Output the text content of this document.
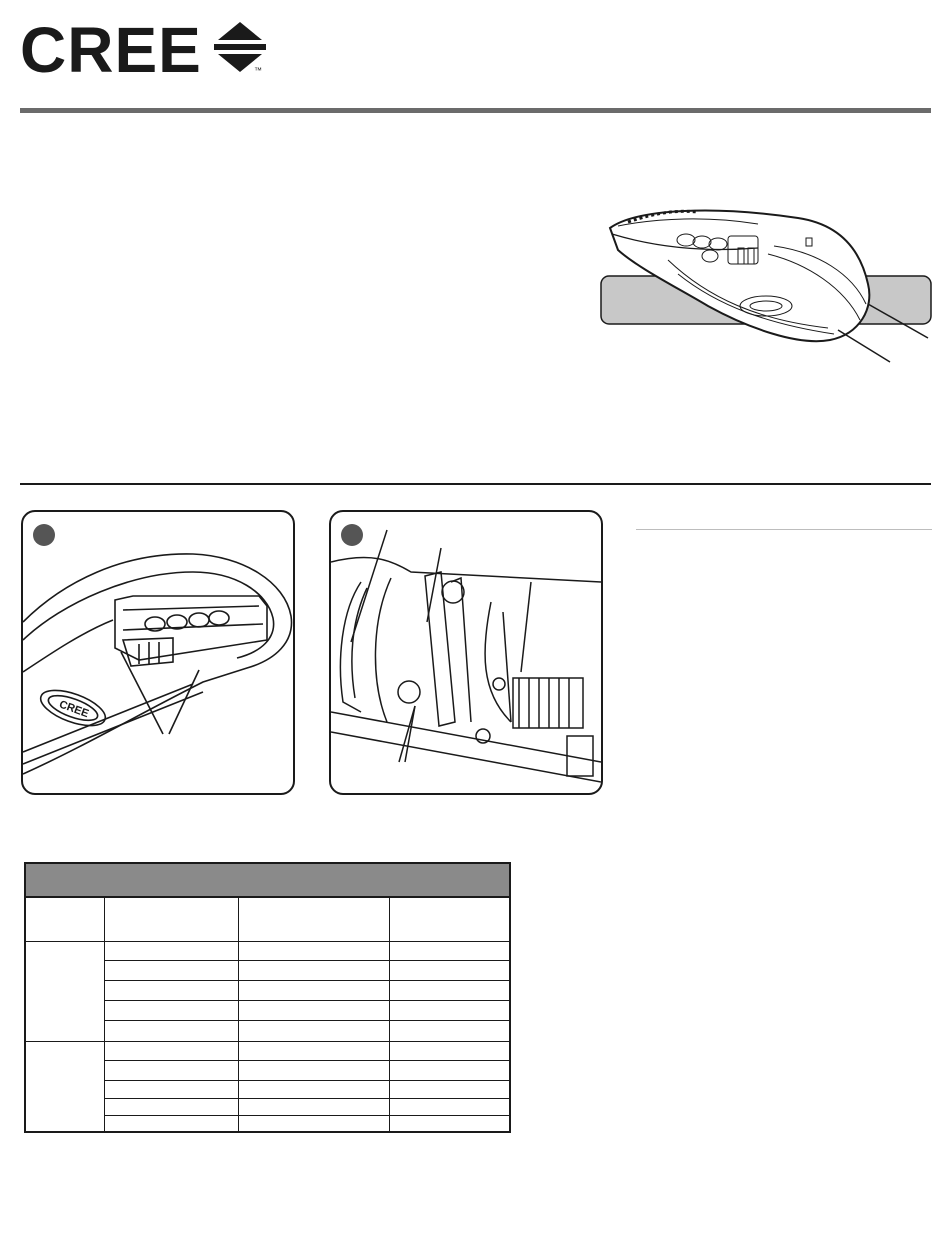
CREE	™
CREE
